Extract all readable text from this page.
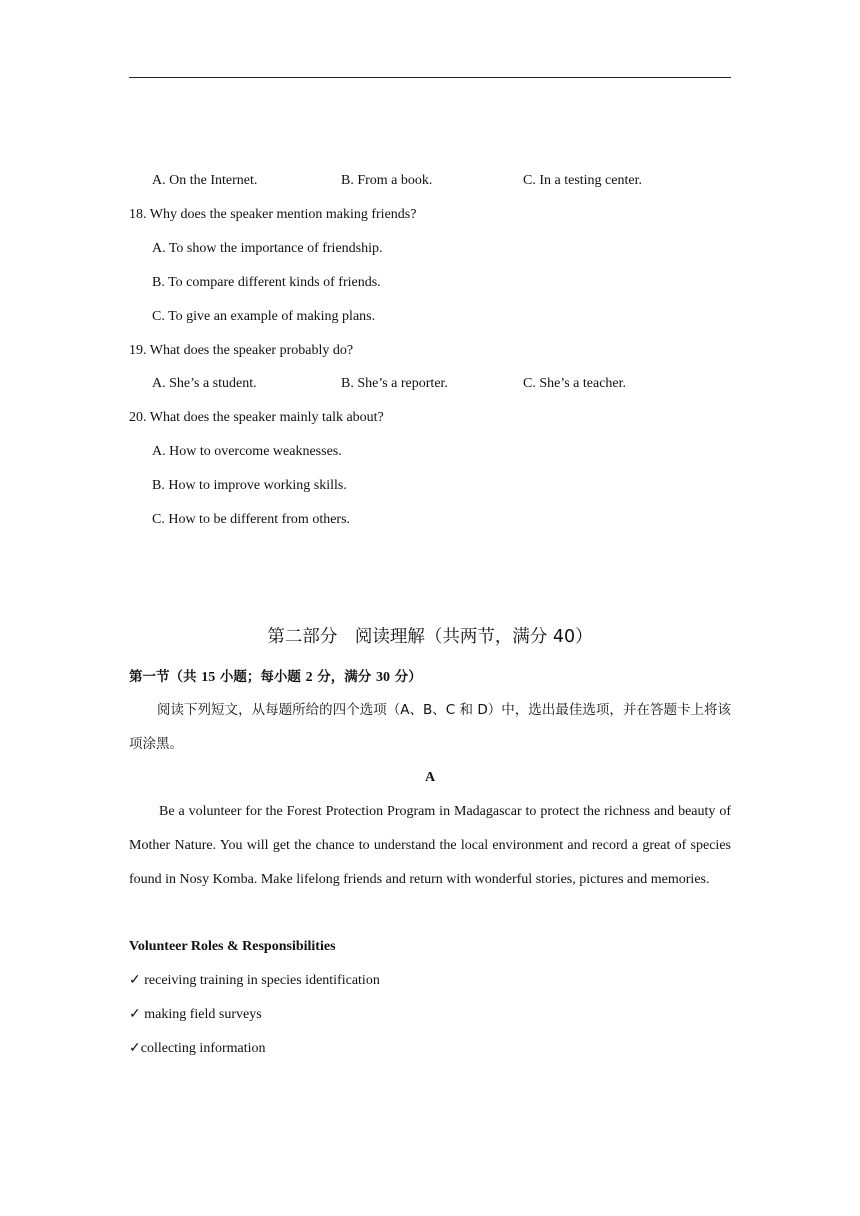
A. On the Internet.	B. From a book.	C. In a testing center.
18. Why does the speaker mention making friends?
A. To show the importance of friendship.
B. To compare different kinds of friends.
C. To give an example of making plans.
19. What does the speaker probably do?
A. She’s a student.	B. She’s a reporter.	C. She’s a teacher.
20. What does the speaker mainly talk about?
A. How to overcome weaknesses.
B. How to improve working skills.
C. How to be different from others.
第二部分　阅读理解（共两节，满分 40）
第一节（共 15 小题；每小题 2 分，满分 30 分）
阅读下列短文，从每题所给的四个选项（A、B、C 和 D）中，选出最佳选项，并在答题卡上将该项涂黑。
A
Be a volunteer for the Forest Protection Program in Madagascar to protect the richness and beauty of Mother Nature. You will get the chance to understand the local environment and record a great of species found in Nosy Komba. Make lifelong friends and return with wonderful stories, pictures and memories.
Volunteer Roles & Responsibilities
✓ receiving training in species identification
✓ making field surveys
✓collecting information
